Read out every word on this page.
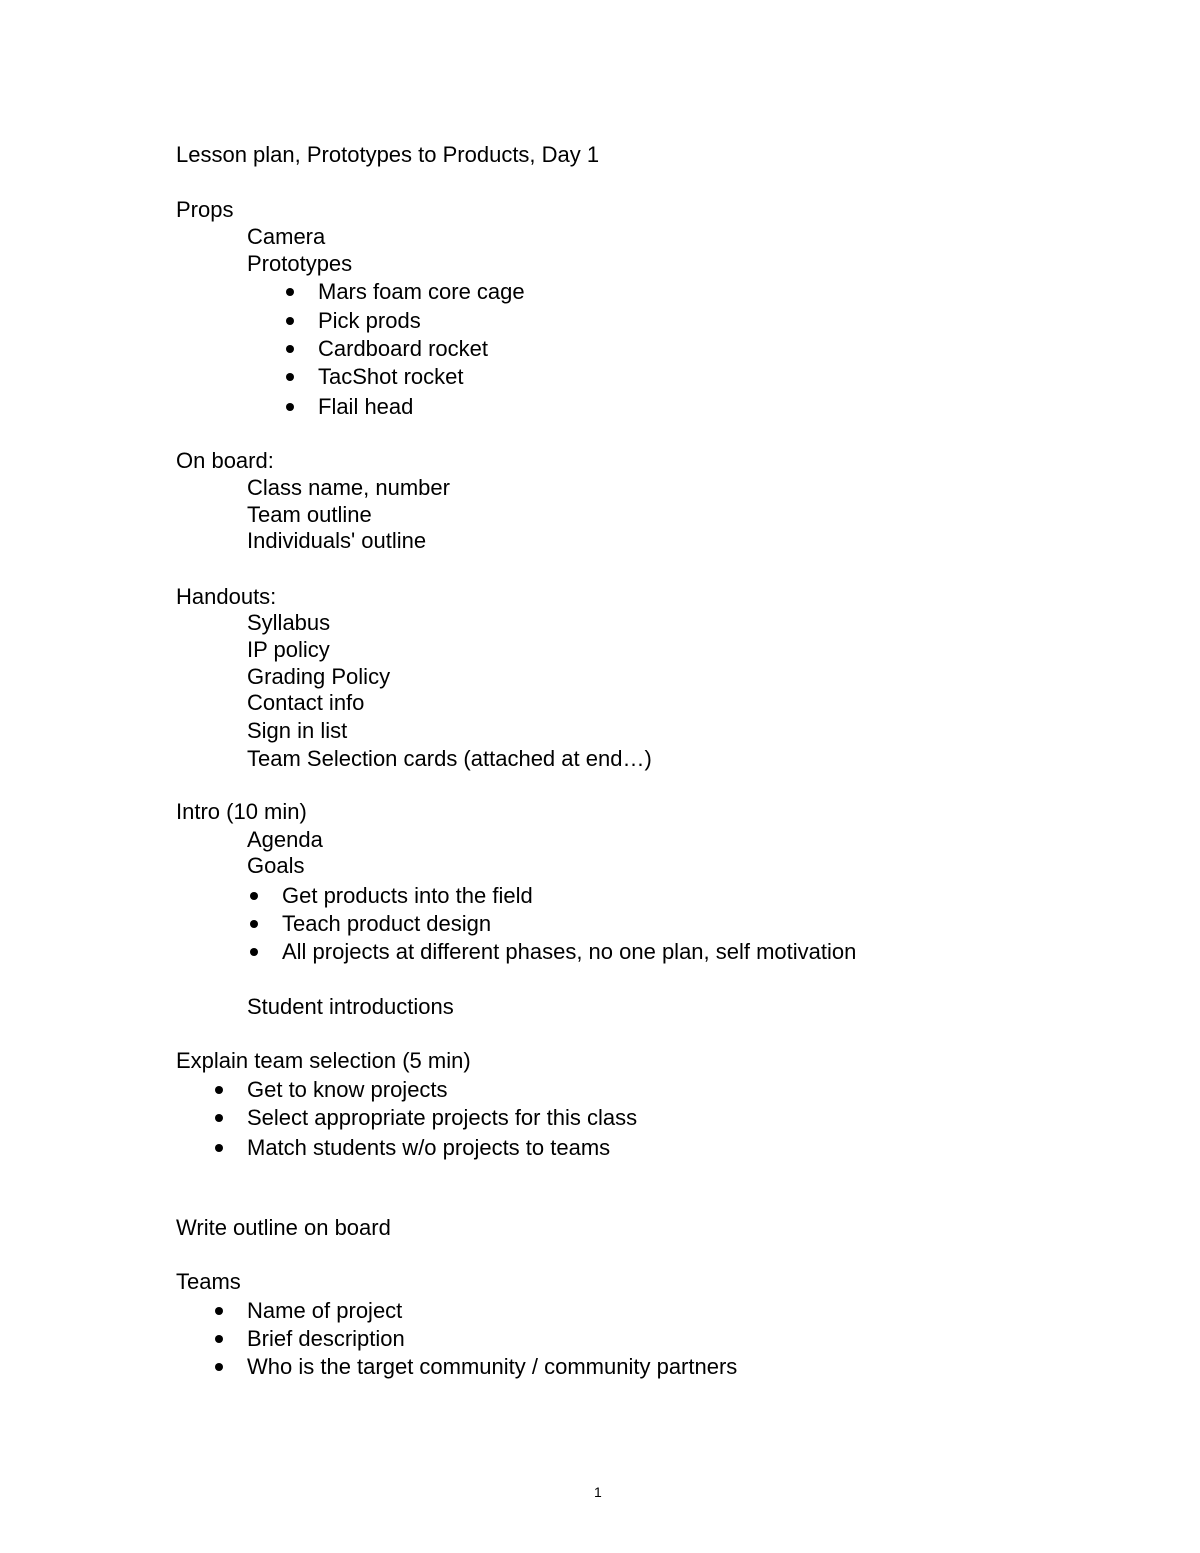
Lesson plan, Prototypes to Products, Day 1
Props
Camera
Prototypes
Mars foam core cage
Pick prods
Cardboard rocket
TacShot rocket
Flail head
On board:
Class name, number
Team outline
Individuals' outline
Handouts:
Syllabus
IP policy
Grading Policy
Contact info
Sign in list
Team Selection cards (attached at end…)
Intro (10 min)
Agenda
Goals
Get products into the field
Teach product design
All projects at different phases, no one plan, self motivation
Student introductions
Explain team selection (5 min)
Get to know projects
Select appropriate projects for this class
Match students w/o projects to teams
Write outline on board
Teams
Name of project
Brief description
Who is the target community / community partners
1
